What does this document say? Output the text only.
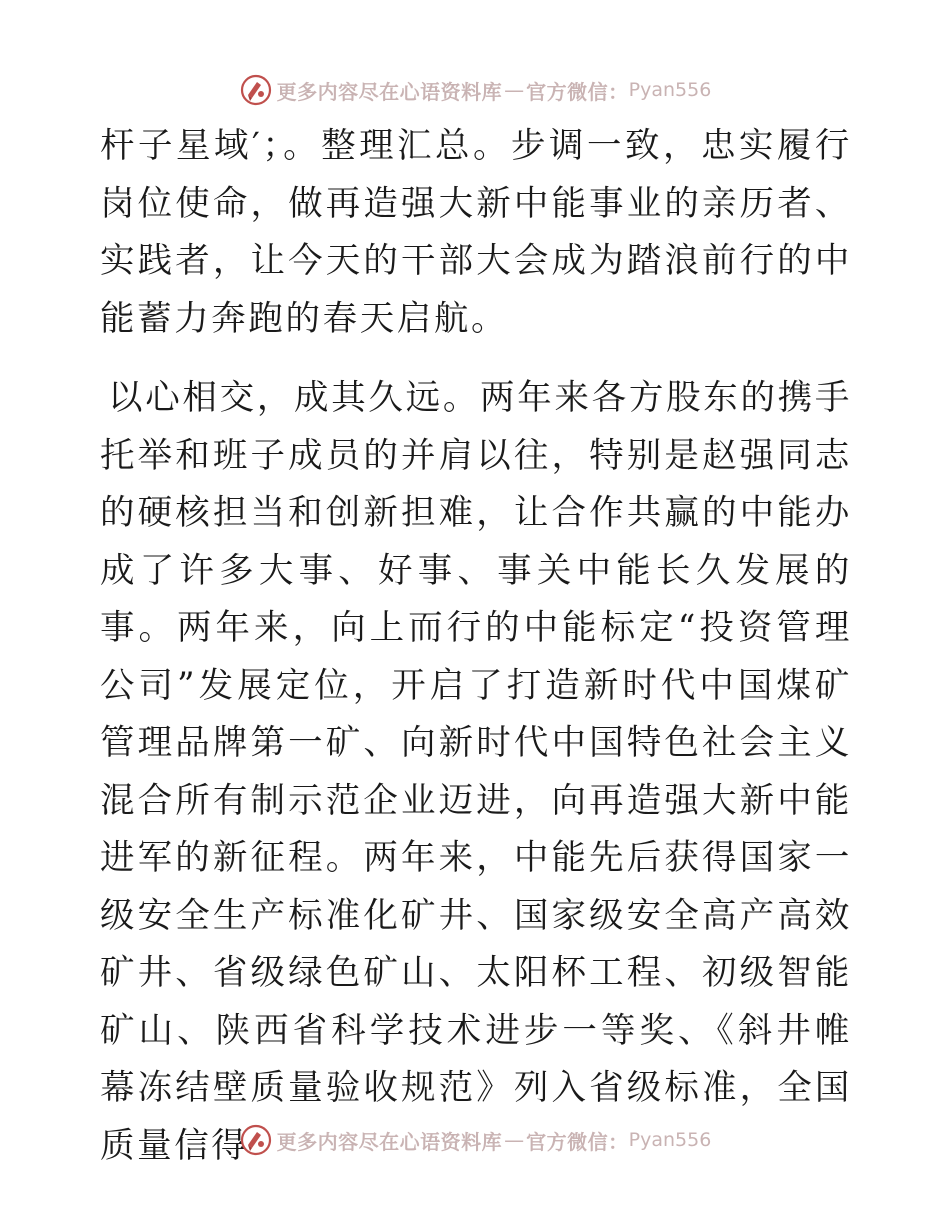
更多内容尽在心语资料库 — 官方微信： Pyan556

杆子星域′；。整理汇总。步调一致，忠实履行岗位使命，做再造强大新中能事业的亲历者、实践者，让今天的干部大会成为踏浪前行的中能蓄力奔跑的春天启航。

以心相交，成其久远。两年来各方股东的携手托举和班子成员的并肩以往，特别是赵强同志的硬核担当和创新担难，让合作共赢的中能办成了许多大事、好事、事关中能长久发展的事。两年来，向上而行的中能标定“投资管理公司”发展定位，开启了打造新时代中国煤矿管理品牌第一矿、向新时代中国特色社会主义混合所有制示范企业迈进，向再造强大新中能进军的新征程。两年来，中能先后获得国家一级安全生产标准化矿井、国家级安全高产高效矿井、省级绿色矿山、太阳杯工程、初级智能矿山、陕西省科学技术进步一等奖、《斜井帷幕冻结壁质量验收规范》列入省级标准，全国质量信得	更多内容尽在心语资料库 — 官方微信： Pyan556
